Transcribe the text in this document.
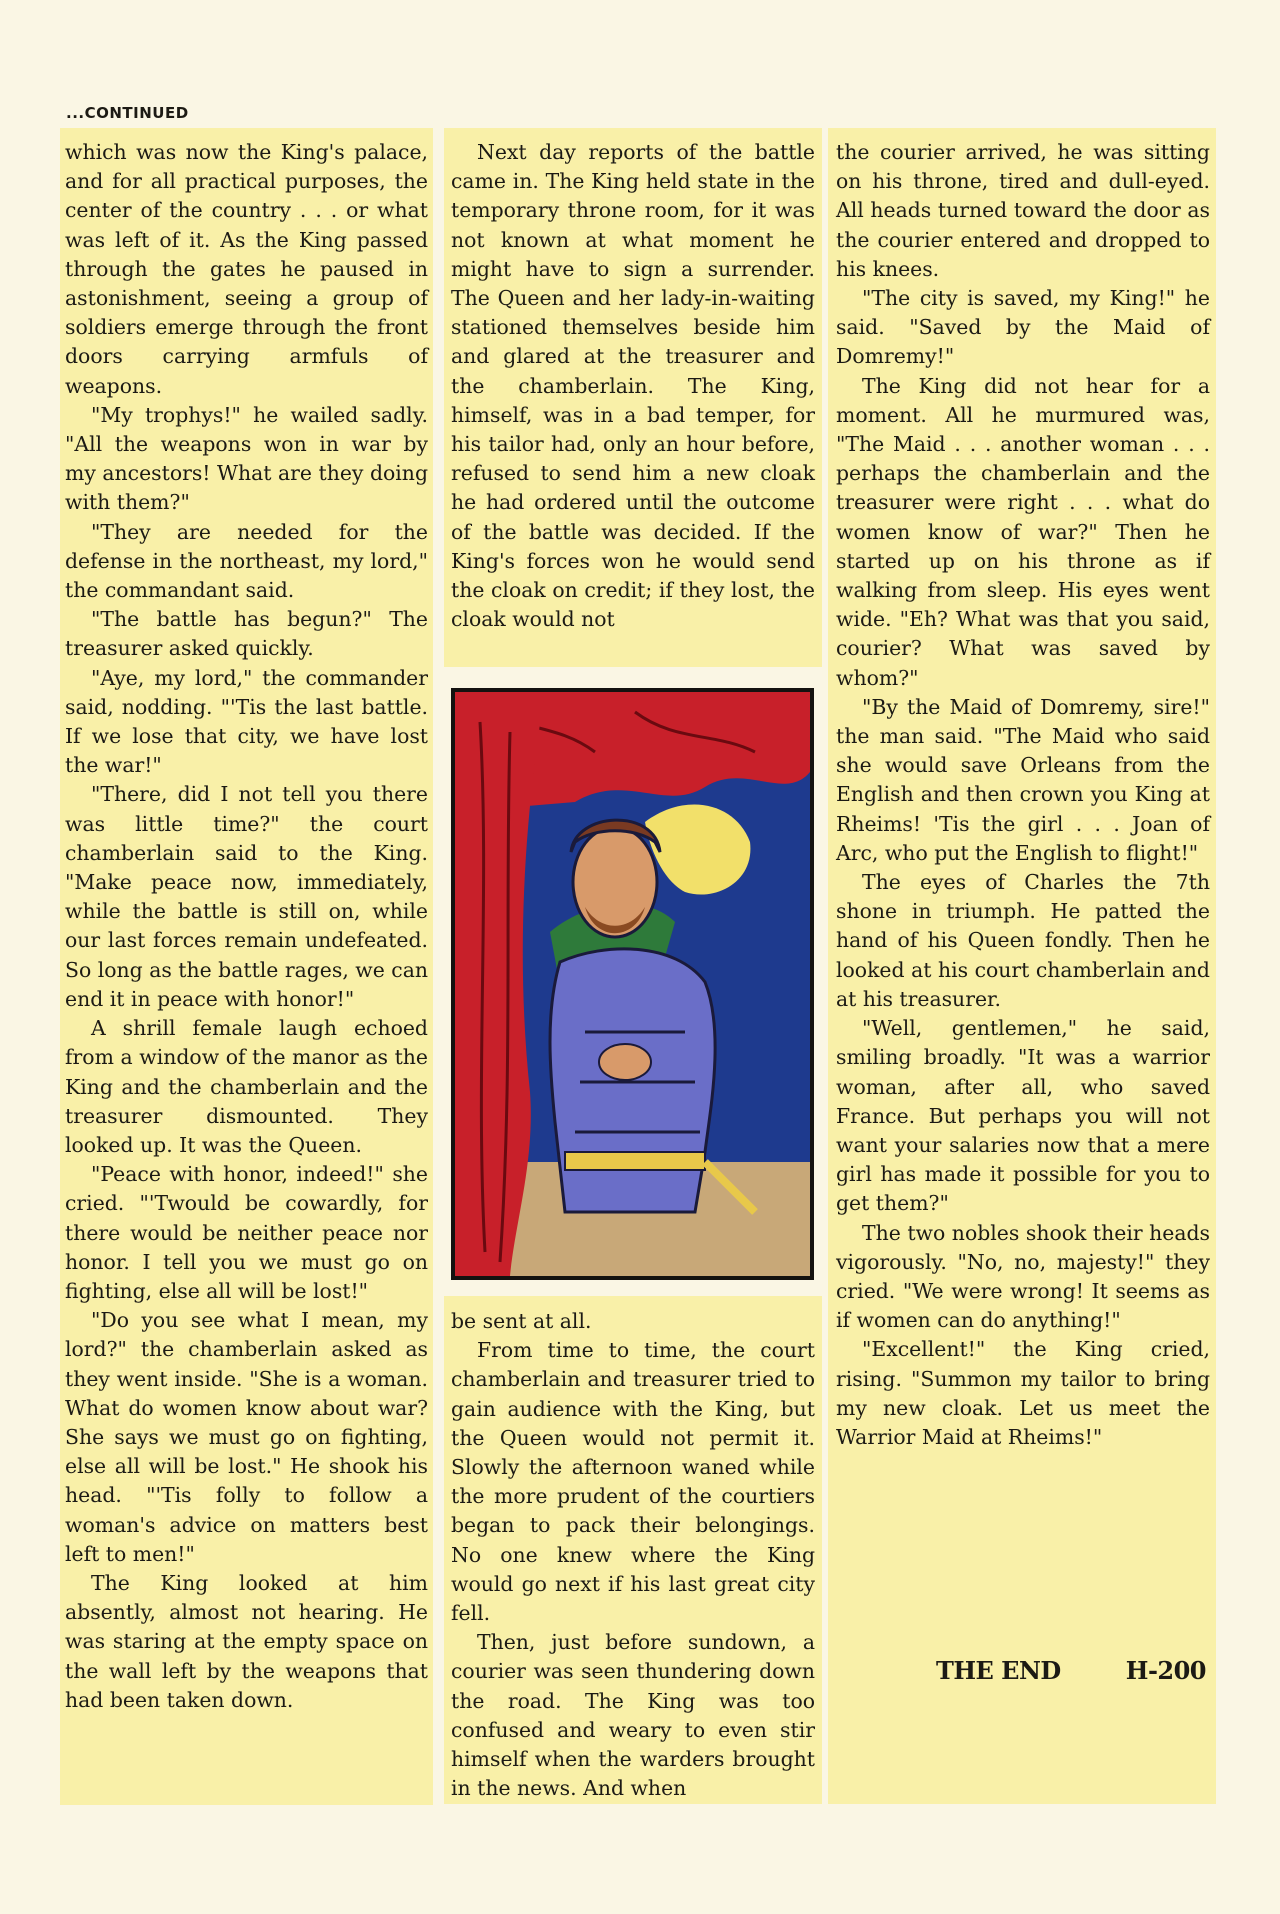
...CONTINUED

which was now the King's palace, and for all practical purposes, the center of the country . . . or what was left of it. As the King passed through the gates he paused in astonishment, seeing a group of soldiers emerge through the front doors carrying armfuls of weapons.

"My trophys!" he wailed sadly. "All the weapons won in war by my ancestors! What are they doing with them?"

"They are needed for the defense in the northeast, my lord," the commandant said.

"The battle has begun?" The treasurer asked quickly.

"Aye, my lord," the commander said, nodding. "'Tis the last battle. If we lose that city, we have lost the war!"

"There, did I not tell you there was little time?" the court chamberlain said to the King. "Make peace now, immediately, while the battle is still on, while our last forces remain undefeated. So long as the battle rages, we can end it in peace with honor!"

A shrill female laugh echoed from a window of the manor as the King and the chamberlain and the treasurer dismounted. They looked up. It was the Queen.

"Peace with honor, indeed!" she cried. "'Twould be cowardly, for there would be neither peace nor honor. I tell you we must go on fighting, else all will be lost!"

"Do you see what I mean, my lord?" the chamberlain asked as they went inside. "She is a woman. What do women know about war? She says we must go on fighting, else all will be lost." He shook his head. "'Tis folly to follow a woman's advice on matters best left to men!"

The King looked at him absently, almost not hearing. He was staring at the empty space on the wall left by the weapons that had been taken down.

Next day reports of the battle came in. The King held state in the temporary throne room, for it was not known at what moment he might have to sign a surrender. The Queen and her lady-in-waiting stationed themselves beside him and glared at the treasurer and the chamberlain. The King, himself, was in a bad temper, for his tailor had, only an hour before, refused to send him a new cloak he had ordered until the outcome of the battle was decided. If the King's forces won he would send the cloak on credit; if they lost, the cloak would not

be sent at all.

From time to time, the court chamberlain and treasurer tried to gain audience with the King, but the Queen would not permit it. Slowly the afternoon waned while the more prudent of the courtiers began to pack their belongings. No one knew where the King would go next if his last great city fell.

Then, just before sundown, a courier was seen thundering down the road. The King was too confused and weary to even stir himself when the warders brought in the news. And when

the courier arrived, he was sitting on his throne, tired and dull-eyed. All heads turned toward the door as the courier entered and dropped to his knees.

"The city is saved, my King!" he said. "Saved by the Maid of Domremy!"

The King did not hear for a moment. All he murmured was, "The Maid . . . another woman . . . perhaps the chamberlain and the treasurer were right . . . what do women know of war?" Then he started up on his throne as if walking from sleep. His eyes went wide. "Eh? What was that you said, courier? What was saved by whom?"

"By the Maid of Domremy, sire!" the man said. "The Maid who said she would save Orleans from the English and then crown you King at Rheims! 'Tis the girl . . . Joan of Arc, who put the English to flight!"

The eyes of Charles the 7th shone in triumph. He patted the hand of his Queen fondly. Then he looked at his court chamberlain and at his treasurer.

"Well, gentlemen," he said, smiling broadly. "It was a warrior woman, after all, who saved France. But perhaps you will not want your salaries now that a mere girl has made it possible for you to get them?"

The two nobles shook their heads vigorously. "No, no, majesty!" they cried. "We were wrong! It seems as if women can do anything!"

"Excellent!" the King cried, rising. "Summon my tailor to bring my new cloak. Let us meet the Warrior Maid at Rheims!"

THE END	H-200
